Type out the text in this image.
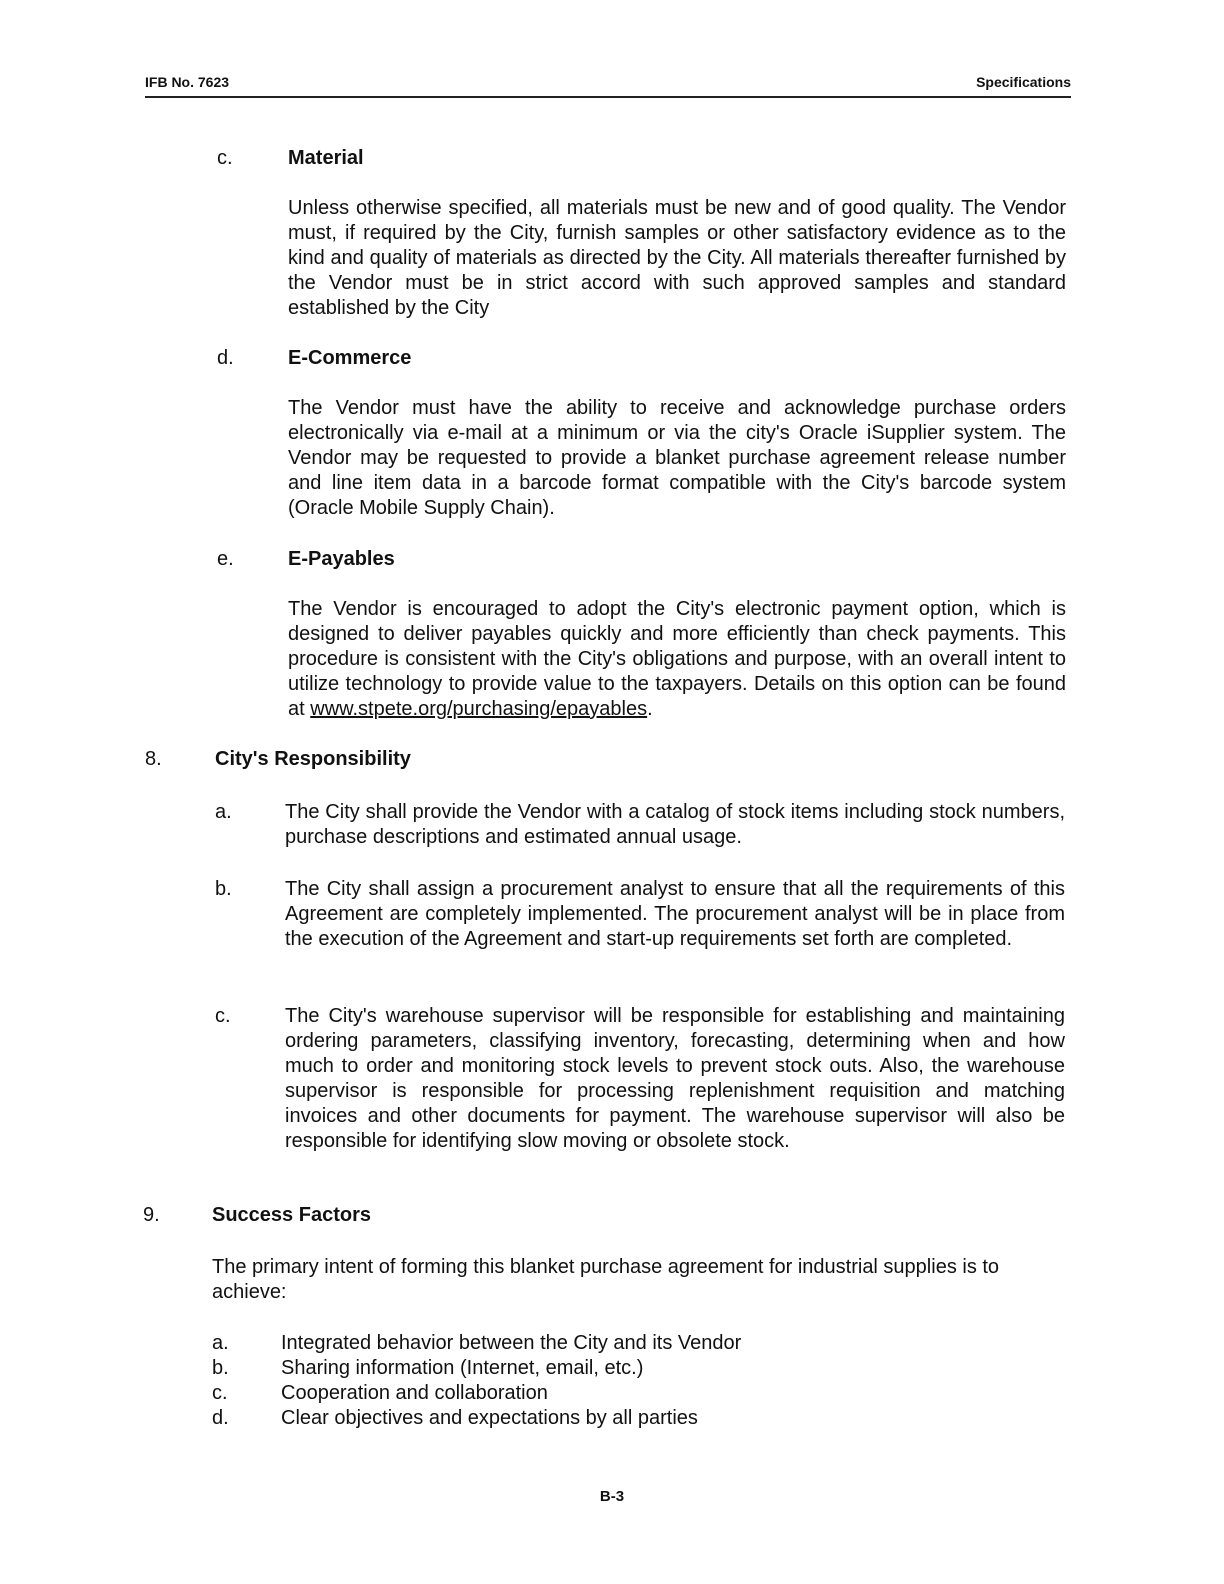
IFB No. 7623	Specifications
c.	Material
Unless otherwise specified, all materials must be new and of good quality. The Vendor must, if required by the City, furnish samples or other satisfactory evidence as to the kind and quality of materials as directed by the City. All materials thereafter furnished by the Vendor must be in strict accord with such approved samples and standard established by the City
d.	E-Commerce
The Vendor must have the ability to receive and acknowledge purchase orders electronically via e-mail at a minimum or via the city's Oracle iSupplier system. The Vendor may be requested to provide a blanket purchase agreement release number and line item data in a barcode format compatible with the City's barcode system (Oracle Mobile Supply Chain).
e.	E-Payables
The Vendor is encouraged to adopt the City's electronic payment option, which is designed to deliver payables quickly and more efficiently than check payments. This procedure is consistent with the City's obligations and purpose, with an overall intent to utilize technology to provide value to the taxpayers. Details on this option can be found at www.stpete.org/purchasing/epayables.
8.	City's Responsibility
a.	The City shall provide the Vendor with a catalog of stock items including stock numbers, purchase descriptions and estimated annual usage.
b.	The City shall assign a procurement analyst to ensure that all the requirements of this Agreement are completely implemented. The procurement analyst will be in place from the execution of the Agreement and start-up requirements set forth are completed.
c.	The City's warehouse supervisor will be responsible for establishing and maintaining ordering parameters, classifying inventory, forecasting, determining when and how much to order and monitoring stock levels to prevent stock outs. Also, the warehouse supervisor is responsible for processing replenishment requisition and matching invoices and other documents for payment. The warehouse supervisor will also be responsible for identifying slow moving or obsolete stock.
9.	Success Factors
The primary intent of forming this blanket purchase agreement for industrial supplies is to achieve:
a.	Integrated behavior between the City and its Vendor
b.	Sharing information (Internet, email, etc.)
c.	Cooperation and collaboration
d.	Clear objectives and expectations by all parties
B-3
